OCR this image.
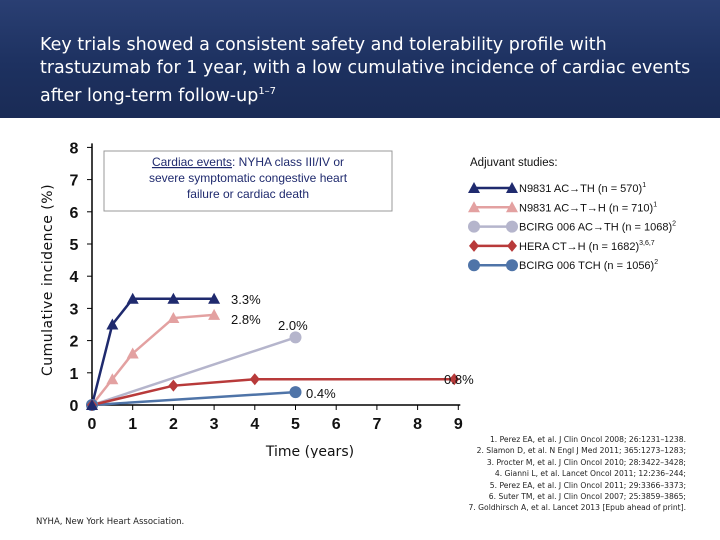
Key trials showed a consistent safety and tolerability profile with trastuzumab for 1 year, with a low cumulative incidence of cardiac events after long-term follow-$up^{1-7}$
0
1
2
3
4
5
6
7
8
0 1 2 3 4 5 6 7 8 9
Cumulative incidence (%)
Time (years)
Cardiac events: NYHA class III/IV or
severe symptomatic congestive heart
failure or cardiac death
3.3%
2.8% 2.0%
0.8%
0.4%
Adjuvant studies:
N9831 AC→TH (n = 570)$^1$
N9831 AC→T→H (n = 710)$^1$
BCIRG 006 AC→TH (n = 1068)$^2$
HERA CT→H (n = 1682)$^{3,6,7}$
BCIRG 006 TCH (n = 1056)$^2$
NYHA, New York Heart Association.
1. Perez EA, et al. J Clin Oncol 2008; 26:1231–1238.
2. Slamon D, et al. N Engl J Med 2011; 365:1273–1283;
3. Procter M, et al. J Clin Oncol 2010; 28:3422–3428;
4. Gianni L, et al. Lancet Oncol 2011; 12:236–244;
5. Perez EA, et al. J Clin Oncol 2011; 29:3366–3373;
6. Suter TM, et al. J Clin Oncol 2007; 25:3859–3865;
7. Goldhirsch A, et al. Lancet 2013 [Epub ahead of print].
